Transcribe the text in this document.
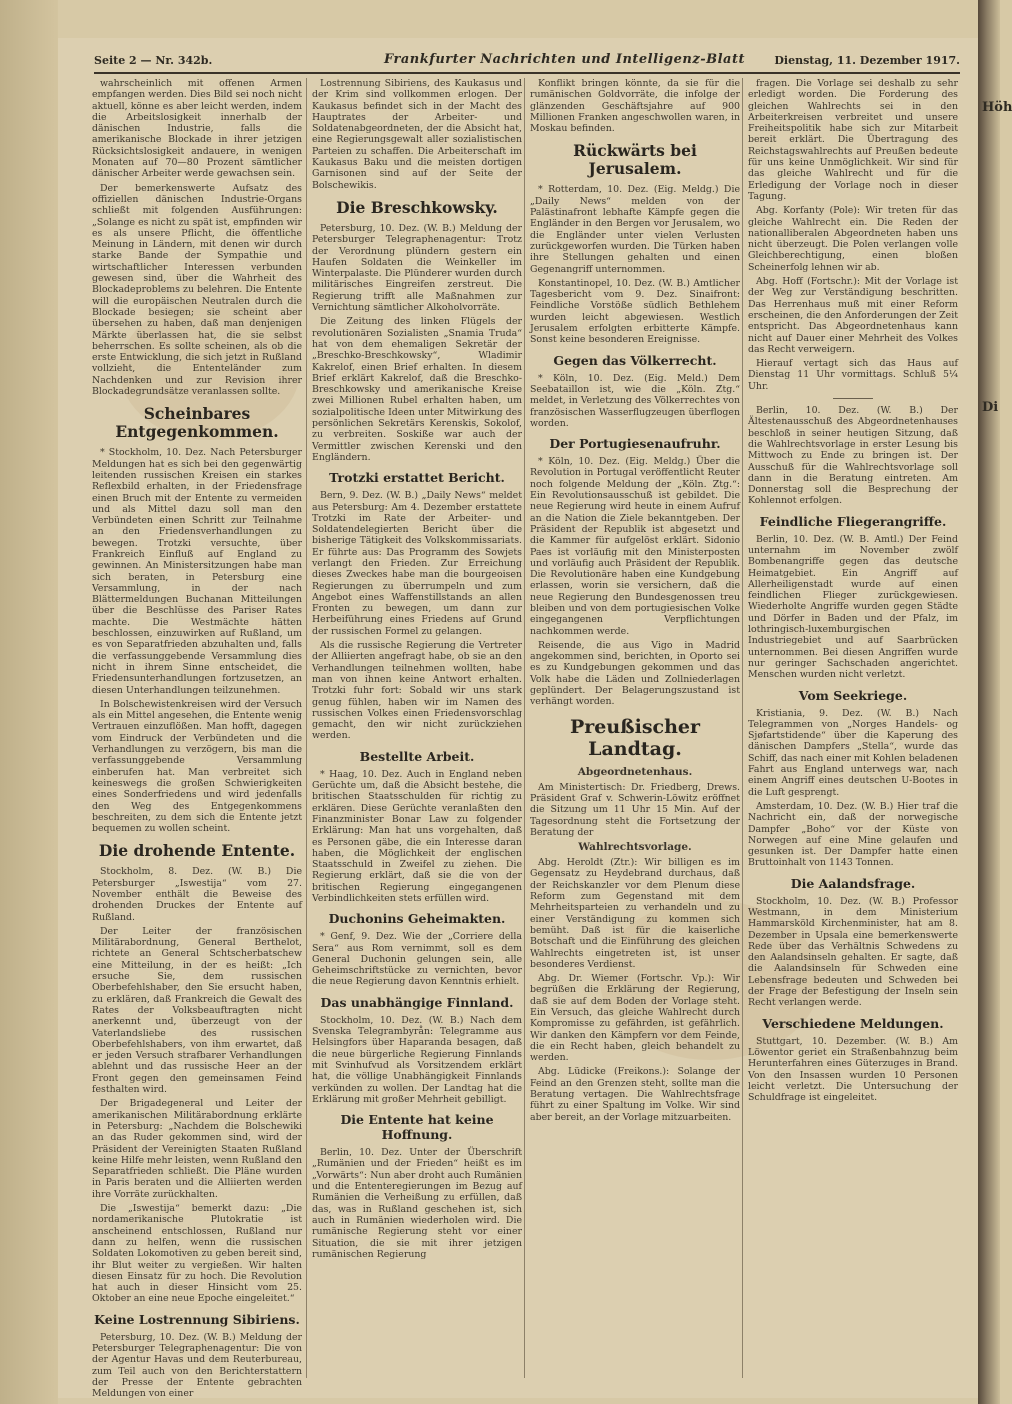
Höh
Di
Seite 2 — Nr. 342b.	Frankfurter Nachrichten und Intelligenz-Blatt	Dienstag, 11. Dezember 1917.

wahrscheinlich mit offenen Armen empfangen werden. Dies Bild sei noch nicht aktuell, könne es aber leicht werden, indem die Arbeitslosigkeit innerhalb der dänischen Industrie, falls die amerikanische Blockade in ihrer jetzigen Rücksichtslosigkeit andauere, in wenigen Monaten auf 70—80 Prozent sämtlicher dänischer Arbeiter werde gewachsen sein.

Der bemerkenswerte Aufsatz des offiziellen dänischen Industrie-Organs schließt mit folgenden Ausführungen: „Solange es nicht zu spät ist, empfinden wir es als unsere Pflicht, die öffentliche Meinung in Ländern, mit denen wir durch starke Bande der Sympathie und wirtschaftlicher Interessen verbunden gewesen sind, über die Wahrheit des Blockadeproblems zu belehren. Die Entente will die europäischen Neutralen durch die Blockade besiegen; sie scheint aber übersehen zu haben, daß man denjenigen Märkte überlassen hat, die sie selbst beherrschen. Es sollte scheinen, als ob die erste Entwicklung, die sich jetzt in Rußland vollzieht, die Ententeländer zum Nachdenken und zur Revision ihrer Blockadegrundsätze veranlassen sollte.

Scheinbares Entgegenkommen.

* Stockholm, 10. Dez. Nach Petersburger Meldungen hat es sich bei den gegenwärtig leitenden russischen Kreisen ein starkes Reflexbild erhalten, in der Friedensfrage einen Bruch mit der Entente zu vermeiden und als Mittel dazu soll man den Verbündeten einen Schritt zur Teilnahme an den Friedensverhandlungen zu bewegen. Trotzki versuchte, über Frankreich Einfluß auf England zu gewinnen. An Ministersitzungen habe man sich beraten, in Petersburg eine Versammlung, in der nach Blättermeldungen Buchanan Mitteilungen über die Beschlüsse des Pariser Rates machte. Die Westmächte hätten beschlossen, einzuwirken auf Rußland, um es von Separatfrieden abzuhalten und, falls die verfassunggebende Versammlung dies nicht in ihrem Sinne entscheidet, die Friedensunterhandlungen fortzusetzen, an diesen Unterhandlungen teilzunehmen.

In Bolschewistenkreisen wird der Versuch als ein Mittel angesehen, die Entente wenig Vertrauen einzuflößen. Man hofft, dagegen vom Eindruck der Verbündeten und die Verhandlungen zu verzögern, bis man die verfassunggebende Versammlung einberufen hat. Man verbreitet sich keineswegs die großen Schwierigkeiten eines Sonderfriedens und wird jedenfalls den Weg des Entgegenkommens beschreiten, zu dem sich die Entente jetzt bequemen zu wollen scheint.

Die drohende Entente.

Stockholm, 8. Dez. (W. B.) Die Petersburger „Iswestija“ vom 27. November enthält die Beweise des drohenden Druckes der Entente auf Rußland.

Der Leiter der französischen Militärabordnung, General Berthelot, richtete an General Schtscherbatschew eine Mitteilung, in der es heißt: „Ich ersuche Sie, dem russischen Oberbefehlshaber, den Sie ersucht haben, zu erklären, daß Frankreich die Gewalt des Rates der Volksbeauftragten nicht anerkennt und, überzeugt von der Vaterlandsliebe des russischen Oberbefehlshabers, von ihm erwartet, daß er jeden Versuch strafbarer Verhandlungen ablehnt und das russische Heer an der Front gegen den gemeinsamen Feind festhalten wird.

Der Brigadegeneral und Leiter der amerikanischen Militärabordnung erklärte in Petersburg: „Nachdem die Bolschewiki an das Ruder gekommen sind, wird der Präsident der Vereinigten Staaten Rußland keine Hilfe mehr leisten, wenn Rußland den Separatfrieden schließt. Die Pläne wurden in Paris beraten und die Alliierten werden ihre Vorräte zurückhalten.

Die „Iswestija“ bemerkt dazu: „Die nordamerikanische Plutokratie ist anscheinend entschlossen, Rußland nur dann zu helfen, wenn die russischen Soldaten Lokomotiven zu geben bereit sind, ihr Blut weiter zu vergießen. Wir halten diesen Einsatz für zu hoch. Die Revolution hat auch in dieser Hinsicht vom 25. Oktober an eine neue Epoche eingeleitet.“

Keine Lostrennung Sibiriens.

Petersburg, 10. Dez. (W. B.) Meldung der Petersburger Telegraphenagentur: Die von der Agentur Havas und dem Reuterbureau, zum Teil auch von den Berichterstattern der Presse der Entente gebrachten Meldungen von einer

Lostrennung Sibiriens, des Kaukasus und der Krim sind vollkommen erlogen. Der Kaukasus befindet sich in der Macht des Hauptrates der Arbeiter- und Soldatenabgeordneten, der die Absicht hat, eine Regierungsgewalt aller sozialistischen Parteien zu schaffen. Die Arbeiterschaft im Kaukasus Baku und die meisten dortigen Garnisonen sind auf der Seite der Bolschewikis.

Die Breschkowsky.

Petersburg, 10. Dez. (W. B.) Meldung der Petersburger Telegraphenagentur: Trotz der Verordnung plündern gestern ein Haufen Soldaten die Weinkeller im Winterpalaste. Die Plünderer wurden durch militärisches Eingreifen zerstreut. Die Regierung trifft alle Maßnahmen zur Vernichtung sämtlicher Alkoholvorräte.

Die Zeitung des linken Flügels der revolutionären Sozialisten „Snamia Truda“ hat von dem ehemaligen Sekretär der „Breschko-Breschkowsky“, Wladimir Kakrelof, einen Brief erhalten. In diesem Brief erklärt Kakrelof, daß die Breschko-Breschkowsky und amerikanische Kreise zwei Millionen Rubel erhalten haben, um sozialpolitische Ideen unter Mitwirkung des persönlichen Sekretärs Kerenskis, Sokolof, zu verbreiten. Soskiße war auch der Vermittler zwischen Kerenski und den Engländern.

Trotzki erstattet Bericht.

Bern, 9. Dez. (W. B.) „Daily News“ meldet aus Petersburg: Am 4. Dezember erstattete Trotzki im Rate der Arbeiter- und Soldatendelegierten Bericht über die bisherige Tätigkeit des Volkskommissariats. Er führte aus: Das Programm des Sowjets verlangt den Frieden. Zur Erreichung dieses Zweckes habe man die bourgeoisen Regierungen zu überrumpeln und zum Angebot eines Waffenstillstands an allen Fronten zu bewegen, um dann zur Herbeiführung eines Friedens auf Grund der russischen Formel zu gelangen.

Als die russische Regierung die Vertreter der Alliierten angefragt habe, ob sie an den Verhandlungen teilnehmen wollten, habe man von ihnen keine Antwort erhalten. Trotzki fuhr fort: Sobald wir uns stark genug fühlen, haben wir im Namen des russischen Volkes einen Friedensvorschlag gemacht, den wir nicht zurückziehen werden.

Bestellte Arbeit.

* Haag, 10. Dez. Auch in England neben Gerüchte um, daß die Absicht bestehe, die britischen Staatsschulden für richtig zu erklären. Diese Gerüchte veranlaßten den Finanzminister Bonar Law zu folgender Erklärung: Man hat uns vorgehalten, daß es Personen gäbe, die ein Interesse daran haben, die Möglichkeit der englischen Staatsschuld in Zweifel zu ziehen. Die Regierung erklärt, daß sie die von der britischen Regierung eingegangenen Verbindlichkeiten stets erfüllen wird.

Duchonins Geheimakten.

* Genf, 9. Dez. Wie der „Corriere della Sera“ aus Rom vernimmt, soll es dem General Duchonin gelungen sein, alle Geheimschriftstücke zu vernichten, bevor die neue Regierung davon Kenntnis erhielt.

Das unabhängige Finnland.

Stockholm, 10. Dez. (W. B.) Nach dem Svenska Telegrambyrån: Telegramme aus Helsingfors über Haparanda besagen, daß die neue bürgerliche Regierung Finnlands mit Svinhufvud als Vorsitzendem erklärt hat, die völlige Unabhängigkeit Finnlands verkünden zu wollen. Der Landtag hat die Erklärung mit großer Mehrheit gebilligt.

Die Entente hat keine Hoffnung.

Berlin, 10. Dez. Unter der Überschrift „Rumänien und der Frieden“ heißt es im „Vorwärts“: Nun aber droht auch Rumänien und die Ententeregierungen im Bezug auf Rumänien die Verheißung zu erfüllen, daß das, was in Rußland geschehen ist, sich auch in Rumänien wiederholen wird. Die rumänische Regierung steht vor einer Situation, die sie mit ihrer jetzigen rumänischen Regierung

Konflikt bringen könnte, da sie für die rumänischen Goldvorräte, die infolge der glänzenden Geschäftsjahre auf 900 Millionen Franken angeschwollen waren, in Moskau befinden.

Rückwärts bei Jerusalem.

* Rotterdam, 10. Dez. (Eig. Meldg.) Die „Daily News“ melden von der Palästinafront lebhafte Kämpfe gegen die Engländer in den Bergen vor Jerusalem, wo die Engländer unter vielen Verlusten zurückgeworfen wurden. Die Türken haben ihre Stellungen gehalten und einen Gegenangriff unternommen.

Konstantinopel, 10. Dez. (W. B.) Amtlicher Tagesbericht vom 9. Dez. Sinaifront: Feindliche Vorstöße südlich Bethlehem wurden leicht abgewiesen. Westlich Jerusalem erfolgten erbitterte Kämpfe. Sonst keine besonderen Ereignisse.

Gegen das Völkerrecht.

* Köln, 10. Dez. (Eig. Meld.) Dem Seebataillon ist, wie die „Köln. Ztg.“ meldet, in Verletzung des Völkerrechtes von französischen Wasserflugzeugen überflogen worden.

Der Portugiesenaufruhr.

* Köln, 10. Dez. (Eig. Meldg.) Über die Revolution in Portugal veröffentlicht Reuter noch folgende Meldung der „Köln. Ztg.“: Ein Revolutionsausschuß ist gebildet. Die neue Regierung wird heute in einem Aufruf an die Nation die Ziele bekanntgeben. Der Präsident der Republik ist abgesetzt und die Kammer für aufgelöst erklärt. Sidonio Paes ist vorläufig mit den Ministerposten und vorläufig auch Präsident der Republik. Die Revolutionäre haben eine Kundgebung erlassen, worin sie versichern, daß die neue Regierung den Bundesgenossen treu bleiben und von dem portugiesischen Volke eingegangenen Verpflichtungen nachkommen werde.

Reisende, die aus Vigo in Madrid angekommen sind, berichten, in Oporto sei es zu Kundgebungen gekommen und das Volk habe die Läden und Zollniederlagen geplündert. Der Belagerungszustand ist verhängt worden.

Preußischer Landtag.
Abgeordnetenhaus.

Am Ministertisch: Dr. Friedberg, Drews. Präsident Graf v. Schwerin-Löwitz eröffnet die Sitzung um 11 Uhr 15 Min. Auf der Tagesordnung steht die Fortsetzung der Beratung der

Wahlrechtsvorlage.

Abg. Heroldt (Ztr.): Wir billigen es im Gegensatz zu Heydebrand durchaus, daß der Reichskanzler vor dem Plenum diese Reform zum Gegenstand mit dem Mehrheitsparteien zu verhandeln und zu einer Verständigung zu kommen sich bemüht. Daß ist für die kaiserliche Botschaft und die Einführung des gleichen Wahlrechts eingetreten ist, ist unser besonderes Verdienst.

Abg. Dr. Wiemer (Fortschr. Vp.): Wir begrüßen die Erklärung der Regierung, daß sie auf dem Boden der Vorlage steht. Ein Versuch, das gleiche Wahlrecht durch Kompromisse zu gefährden, ist gefährlich. Wir danken den Kämpfern vor dem Feinde, die ein Recht haben, gleich behandelt zu werden.

Abg. Lüdicke (Freikons.): Solange der Feind an den Grenzen steht, sollte man die Beratung vertagen. Die Wahlrechtsfrage führt zu einer Spaltung im Volke. Wir sind aber bereit, an der Vorlage mitzuarbeiten.

fragen. Die Vorlage sei deshalb zu sehr erledigt worden. Die Forderung des gleichen Wahlrechts sei in den Arbeiterkreisen verbreitet und unsere Freiheitspolitik habe sich zur Mitarbeit bereit erklärt. Die Übertragung des Reichstagswahlrechts auf Preußen bedeute für uns keine Unmöglichkeit. Wir sind für das gleiche Wahlrecht und für die Erledigung der Vorlage noch in dieser Tagung.

Abg. Korfanty (Pole): Wir treten für das gleiche Wahlrecht ein. Die Reden der nationalliberalen Abgeordneten haben uns nicht überzeugt. Die Polen verlangen volle Gleichberechtigung, einen bloßen Scheinerfolg lehnen wir ab.

Abg. Hoff (Fortschr.): Mit der Vorlage ist der Weg zur Verständigung beschritten. Das Herrenhaus muß mit einer Reform erscheinen, die den Anforderungen der Zeit entspricht. Das Abgeordnetenhaus kann nicht auf Dauer einer Mehrheit des Volkes das Recht verweigern.

Hierauf vertagt sich das Haus auf Dienstag 11 Uhr vormittags. Schluß 5¼ Uhr.

Berlin, 10. Dez. (W. B.) Der Ältestenausschuß des Abgeordnetenhauses beschloß in seiner heutigen Sitzung, daß die Wahlrechtsvorlage in erster Lesung bis Mittwoch zu Ende zu bringen ist. Der Ausschuß für die Wahlrechtsvorlage soll dann in die Beratung eintreten. Am Donnerstag soll die Besprechung der Kohlennot erfolgen.

Feindliche Fliegerangriffe.

Berlin, 10. Dez. (W. B. Amtl.) Der Feind unternahm im November zwölf Bombenangriffe gegen das deutsche Heimatgebiet. Ein Angriff auf Allerheiligenstadt wurde auf einen feindlichen Flieger zurückgewiesen. Wiederholte Angriffe wurden gegen Städte und Dörfer in Baden und der Pfalz, im lothringisch-luxemburgischen Industriegebiet und auf Saarbrücken unternommen. Bei diesen Angriffen wurde nur geringer Sachschaden angerichtet. Menschen wurden nicht verletzt.

Vom Seekriege.

Kristiania, 9. Dez. (W. B.) Nach Telegrammen von „Norges Handels- og Sjøfartstidende“ über die Kaperung des dänischen Dampfers „Stella“, wurde das Schiff, das nach einer mit Kohlen beladenen Fahrt aus England unterwegs war, nach einem Angriff eines deutschen U-Bootes in die Luft gesprengt.

Amsterdam, 10. Dez. (W. B.) Hier traf die Nachricht ein, daß der norwegische Dampfer „Boho“ vor der Küste von Norwegen auf eine Mine gelaufen und gesunken ist. Der Dampfer hatte einen Bruttoinhalt von 1143 Tonnen.

Die Aalandsfrage.

Stockholm, 10. Dez. (W. B.) Professor Westmann, in dem Ministerium Hammarsköld Kirchenminister, hat am 8. Dezember in Upsala eine bemerkenswerte Rede über das Verhältnis Schwedens zu den Aalandsinseln gehalten. Er sagte, daß die Aalandsinseln für Schweden eine Lebensfrage bedeuten und Schweden bei der Frage der Befestigung der Inseln sein Recht verlangen werde.

Verschiedene Meldungen.

Stuttgart, 10. Dezember. (W. B.) Am Löwentor geriet ein Straßenbahnzug beim Herunterfahren eines Güterzuges in Brand. Von den Insassen wurden 10 Personen leicht verletzt. Die Untersuchung der Schuldfrage ist eingeleitet.
